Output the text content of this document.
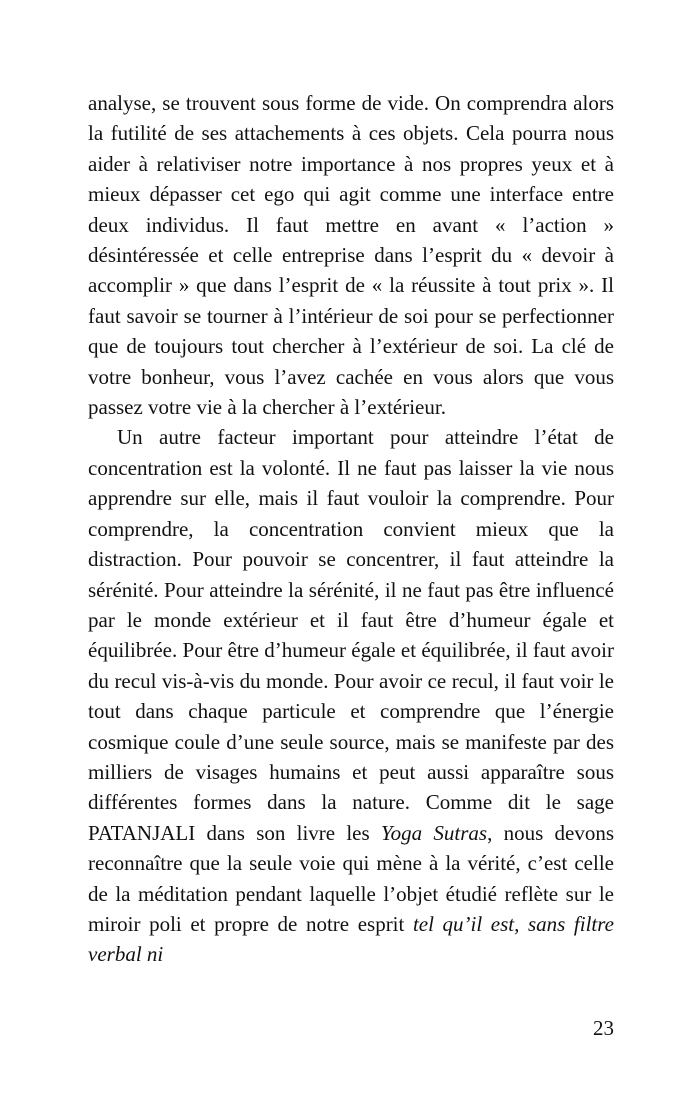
analyse, se trouvent sous forme de vide. On comprendra alors la futilité de ses attachements à ces objets. Cela pourra nous aider à relativiser notre importance à nos propres yeux et à mieux dépasser cet ego qui agit comme une interface entre deux individus. Il faut mettre en avant « l’action » désintéressée et celle entreprise dans l’esprit du « devoir à accomplir » que dans l’esprit de « la réussite à tout prix ». Il faut savoir se tourner à l’intérieur de soi pour se perfectionner que de toujours tout chercher à l’extérieur de soi. La clé de votre bonheur, vous l’avez cachée en vous alors que vous passez votre vie à la chercher à l’extérieur.

Un autre facteur important pour atteindre l’état de concentration est la volonté. Il ne faut pas laisser la vie nous apprendre sur elle, mais il faut vouloir la comprendre. Pour comprendre, la concentration convient mieux que la distraction. Pour pouvoir se concentrer, il faut atteindre la sérénité. Pour atteindre la sérénité, il ne faut pas être influencé par le monde extérieur et il faut être d’humeur égale et équilibrée. Pour être d’humeur égale et équilibrée, il faut avoir du recul vis-à-vis du monde. Pour avoir ce recul, il faut voir le tout dans chaque particule et comprendre que l’énergie cosmique coule d’une seule source, mais se manifeste par des milliers de visages humains et peut aussi apparaître sous différentes formes dans la nature. Comme dit le sage PATANJALI dans son livre les Yoga Sutras, nous devons reconnaître que la seule voie qui mène à la vérité, c’est celle de la méditation pendant laquelle l’objet étudié reflète sur le miroir poli et propre de notre esprit tel qu’il est, sans filtre verbal ni

23
